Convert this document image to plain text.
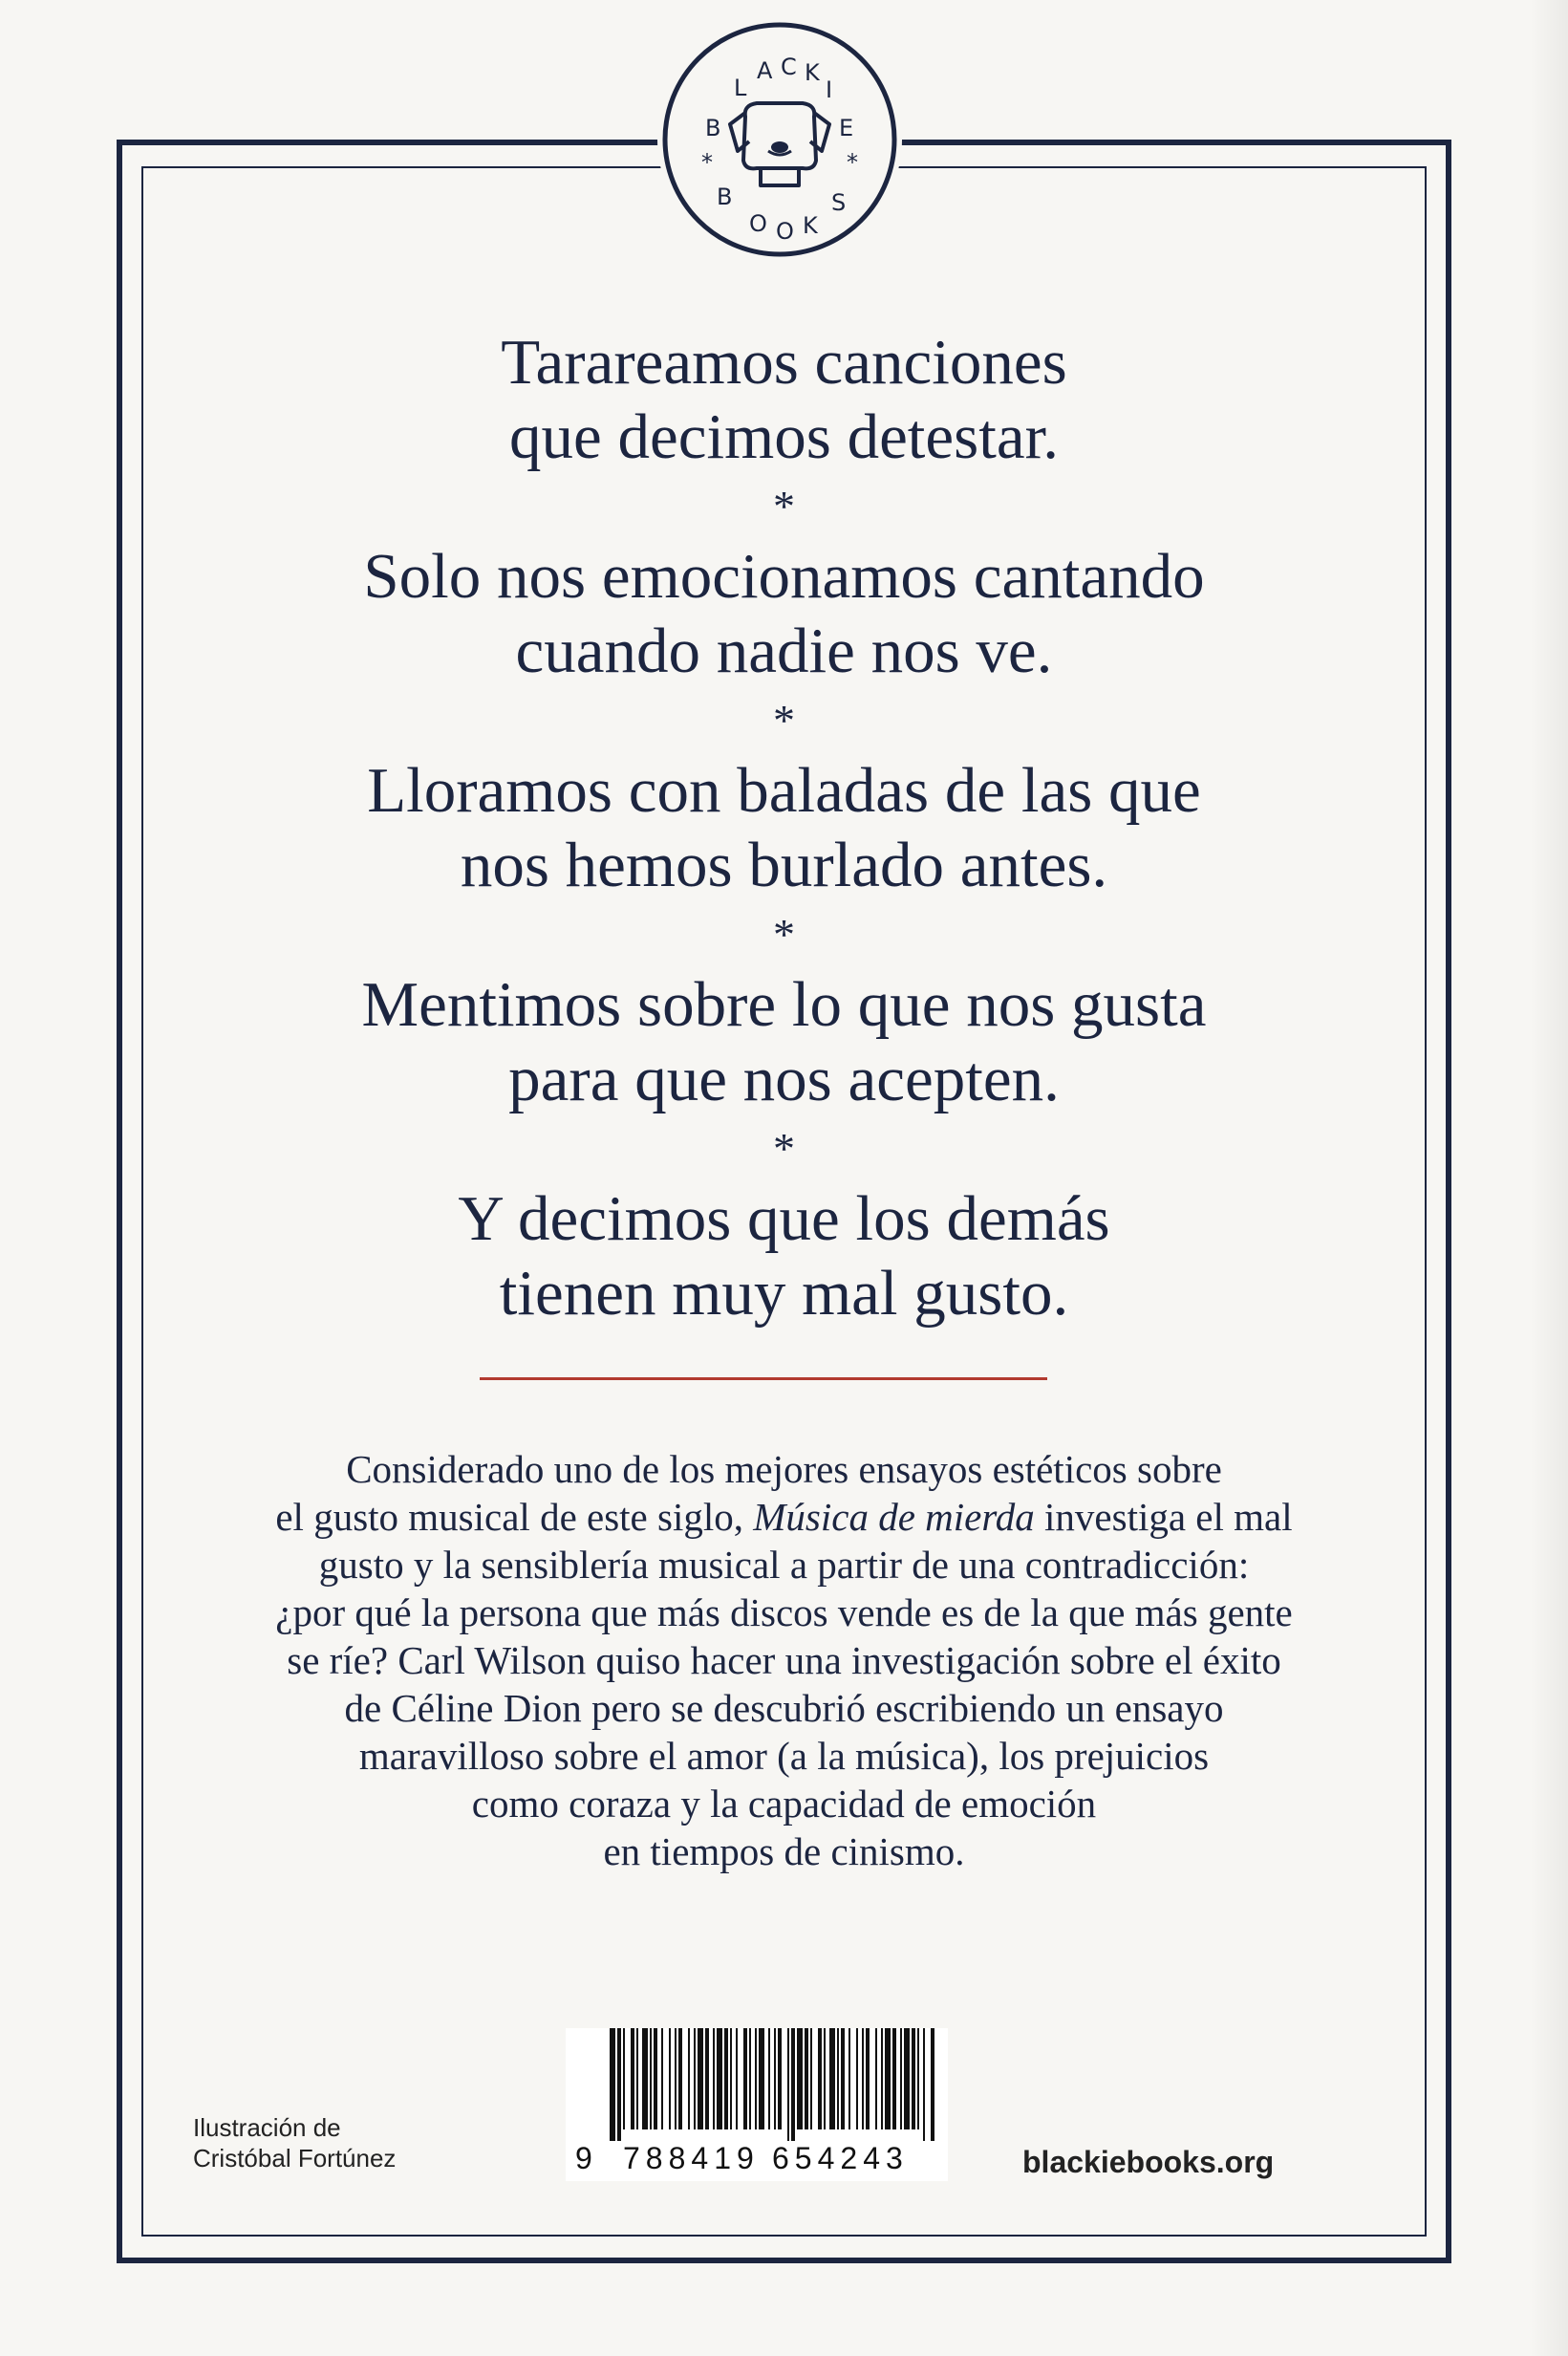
L
A C K
I
B	E
*	*
B
O O K
S
Tarareamos canciones
que decimos detestar.
*
Solo nos emocionamos cantando
cuando nadie nos ve.
*
Lloramos con baladas de las que
nos hemos burlado antes.
*
Mentimos sobre lo que nos gusta
para que nos acepten.
*
Y decimos que los demás
tienen muy mal gusto.
Considerado uno de los mejores ensayos estéticos sobre
el gusto musical de este siglo, Música de mierda investiga el mal
gusto y la sensiblería musical a partir de una contradicción:
¿por qué la persona que más discos vende es de la que más gente
se ríe? Carl Wilson quiso hacer una investigación sobre el éxito
de Céline Dion pero se descubrió escribiendo un ensayo
maravilloso sobre el amor (a la música), los prejuicios
como coraza y la capacidad de emoción
en tiempos de cinismo.
Ilustración de
Cristóbal Fortúnez	9 788419 654243	blackiebooks.org
